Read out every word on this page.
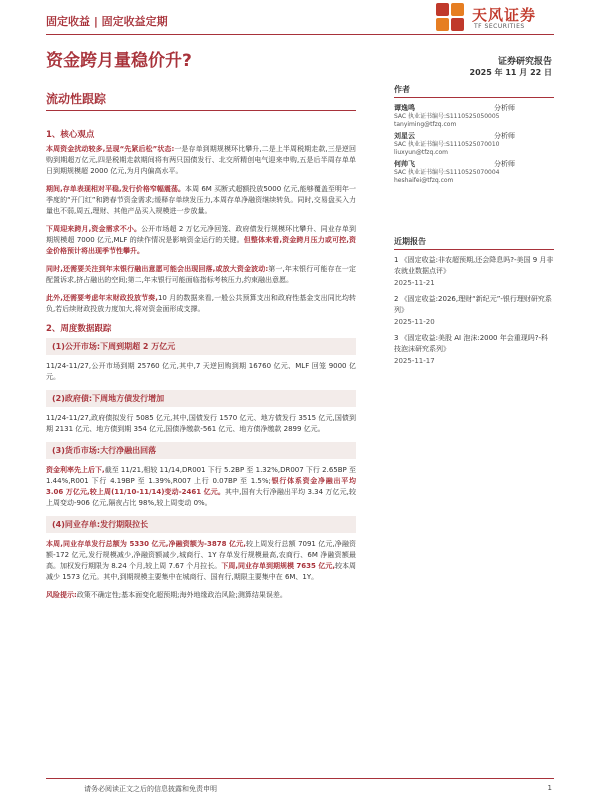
固定收益 | 固定收益定期	天风证券
TF SECURITIES
资金跨月量稳价升?	证券研究报告
2025 年 11 月 22 日
流动性跟踪
1、核心观点
本周资金扰动较多,呈现“先紧后松”状态:一是存单到期规模环比攀升,二是上半周税期走款,三是逆回购到期超万亿元,四是税期走款期间将有两只国债发行、北交所精创电气迎来申购,五是后半周存单单日到期规模超 2000 亿元,为月内偏高水平。
期间,存单表现相对平稳,发行价格窄幅震荡。本周 6M 买断式超额投放5000 亿元,能够覆盖至明年一季度的“开门红”和跨春节资金需求;缓释存单续发压力,本周存单净融资继续转负。同时,交易盘买入力量也不弱,周五,理财、其他产品买入规模进一步放量。
下周迎来跨月,资金需求不小。公开市场超 2 万亿元净回笼、政府债发行规模环比攀升、同业存单到期规模超 7000 亿元,MLF 的续作情况是影响资金运行的关键。但整体来看,资金跨月压力或可控,资金价格预计将出现季节性攀升。
同时,还需要关注到年末银行融出意愿可能会出现回落,或放大资金波动:第一,年末银行可能存在一定配置诉求,挤占融出的空间;第二,年末银行可能面临指标考核压力,约束融出意愿。
此外,还需要考虑年末财政投放节奏,10 月的数据来看,一般公共预算支出和政府性基金支出同比均转负,若后续财政投放力度加大,将对资金面形成支撑。
2、周度数据跟踪
(1)公开市场:下周到期超 2 万亿元
11/24-11/27,公开市场到期 25760 亿元,其中,7 天逆回购到期 16760 亿元、MLF 回笼 9000 亿元。
(2)政府债:下周地方债发行增加
11/24-11/27,政府债拟发行 5085 亿元,其中,国债发行 1570 亿元、地方债发行 3515 亿元,国债到期 2131 亿元、地方债到期 354 亿元,国债净缴款-561 亿元、地方债净缴款 2899 亿元。
(3)货币市场:大行净融出回落
资金利率先上后下,截至 11/21,相较 11/14,DR001 下行 5.2BP 至 1.32%,DR007 下行 2.65BP 至 1.44%,R001 下行 4.19BP 至 1.39%,R007 上行 0.07BP 至 1.5%;银行体系资金净融出平均 3.06 万亿元,较上周(11/10-11/14)变动-2461 亿元。其中,国有大行净融出平均 3.34 万亿元,较上周变动-906 亿元,隔夜占比 98%,较上周变动 0%。
(4)同业存单:发行期限拉长
本周,同业存单发行总额为 5330 亿元,净融资额为-3878 亿元,较上周发行总额 7091 亿元,净融资额-172 亿元,发行规模减少,净融资额减少,城商行、1Y 存单发行规模最高,农商行、6M 净融资额最高。加权发行期限为 8.24 个月,较上周 7.67 个月拉长。下周,同业存单到期规模 7635 亿元,较本周减少 1573 亿元。其中,到期规模主要集中在城商行、国有行,期限主要集中在 6M、1Y。
风险提示:政策不确定性;基本面变化超预期;海外地缘政治风险;测算结果误差。
作者
谭逸鸣	分析师
SAC 执业证书编号:S1110525050005
tanyiming@tfzq.com
刘星云	分析师
SAC 执业证书编号:S1110525070010
liuxyun@tfzq.com
何帅飞	分析师
SAC 执业证书编号:S1110525070004
heshaifei@tfzq.com
近期报告
1 《固定收益:非农超预期,还会降息吗?-美国 9 月非农就业数据点评》
2025-11-21
2 《固定收益:2026,理财“新纪元”-银行理财研究系列》
2025-11-20
3 《固定收益:美股 AI 泡沫:2000 年会重现吗?-科技泡沫研究系列》
2025-11-17
请务必阅读正文之后的信息披露和免责申明	1
